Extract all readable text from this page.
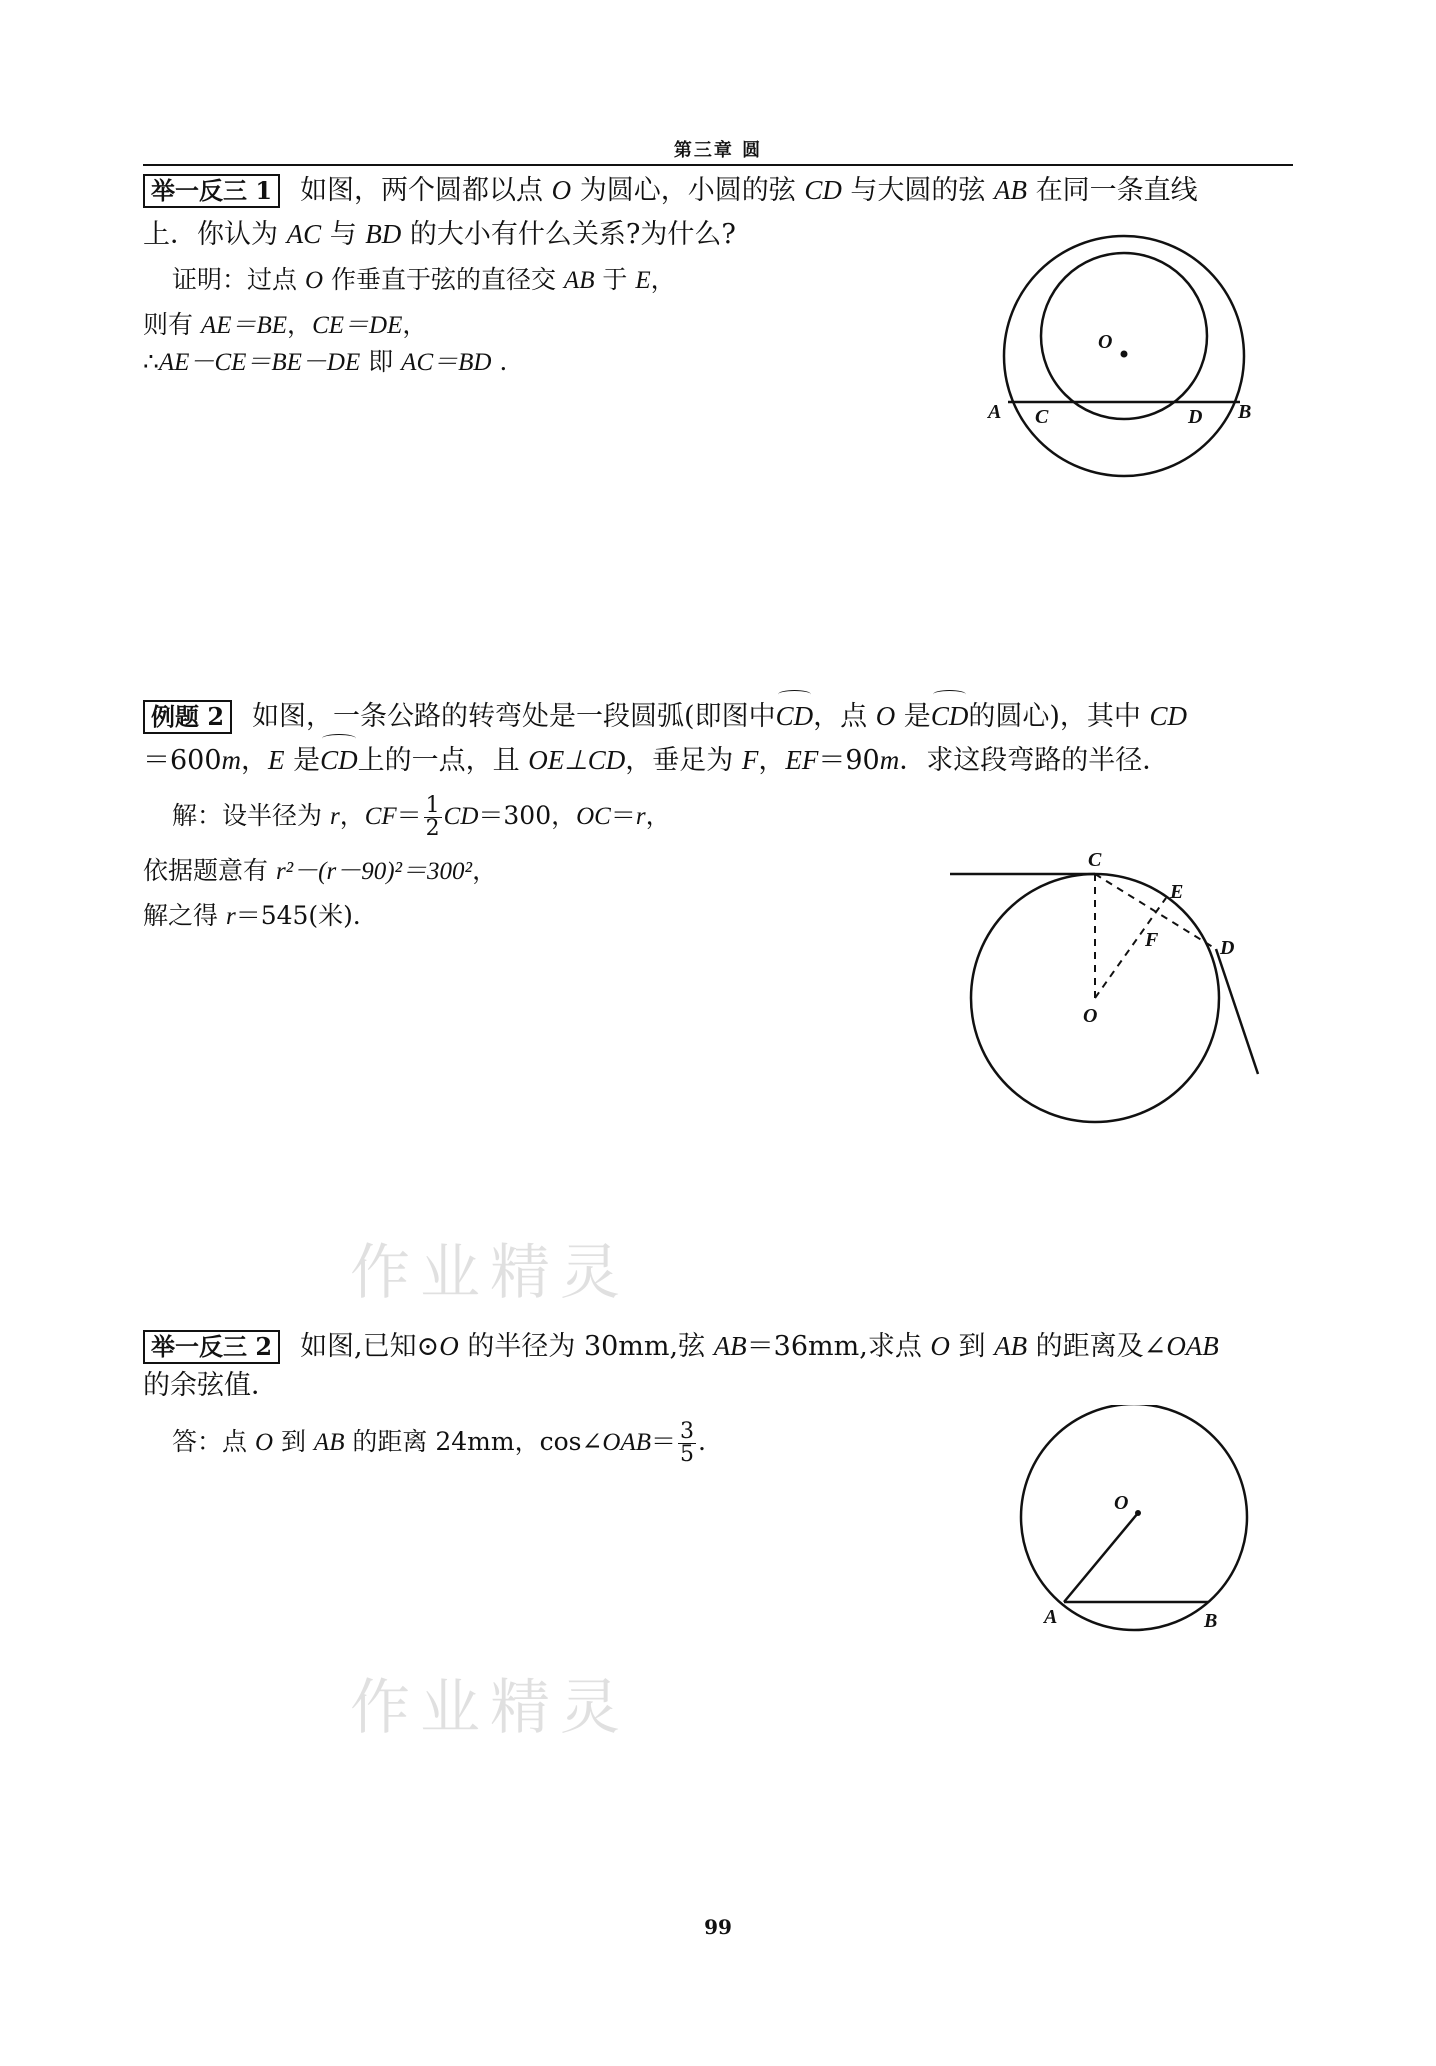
第三章 圆
举一反三 1 如图，两个圆都以点 O 为圆心，小圆的弦 CD 与大圆的弦 AB 在同一条直线
上．你认为 AC 与 BD 的大小有什么关系?为什么?
证明：过点 O 作垂直于弦的直径交 AB 于 E，
则有 AE＝BE，CE＝DE，
∴AE－CE＝BE－DE 即 AC＝BD .
O
A C	D B
例题 2 如图，一条公路的转弯处是一段圆弧(即图中CD，点 O 是CD的圆心)，其中 CD
＝600m，E 是CD上的一点，且 OE⊥CD，垂足为 F，EF＝90m．求这段弯路的半径．
解：设半径为 r，$CF= \frac{1}{2} CD=300$，OC＝r，
依据题意有 r²－(r－90)²＝300²，
解之得 r＝545(米)．
C
E
F	D
O
作业精灵
举一反三 2 如图,已知⊙O 的半径为 30mm,弦 AB＝36mm,求点 O 到 AB 的距离及∠OAB
的余弦值．
答：点 O 到 AB 的距离 24mm，cos∠OAB＝ $\frac{3}{5}$ .
O
A	B
作业精灵
99
